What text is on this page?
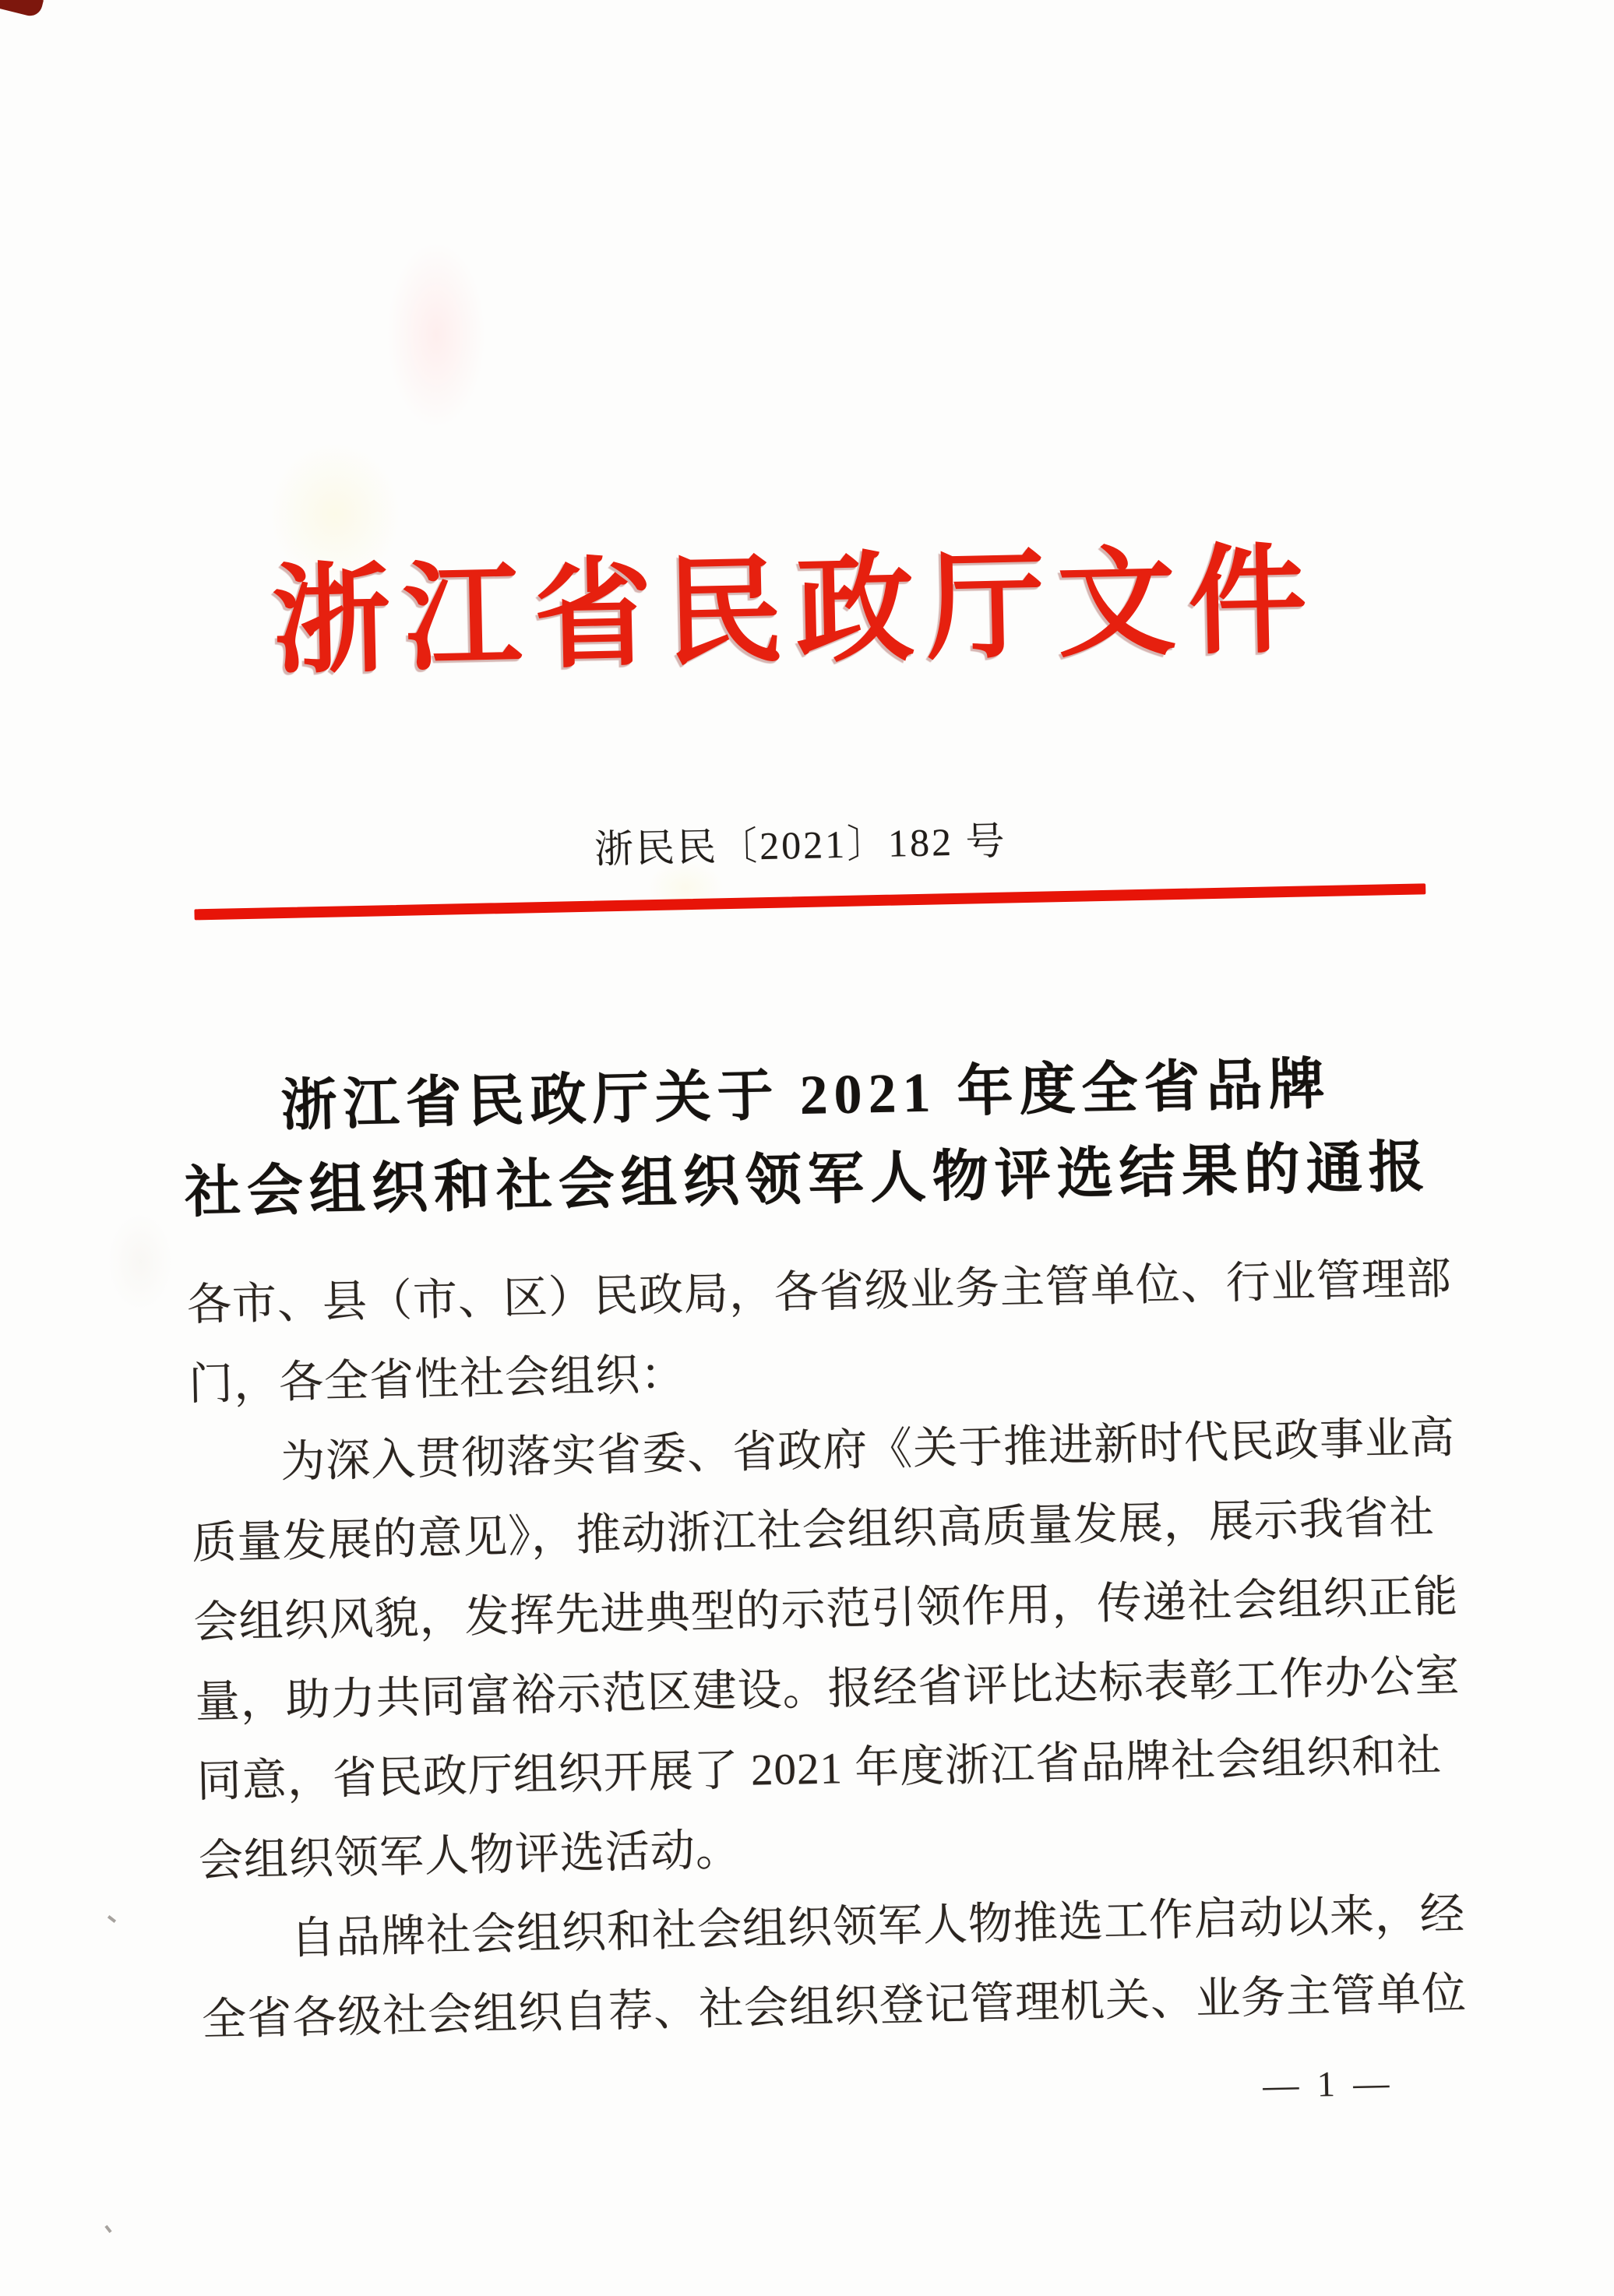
浙江省民政厅文件
浙民民〔2021〕182 号
浙江省民政厅关于 2021 年度全省品牌
社会组织和社会组织领军人物评选结果的通报
各市、县（市、区）民政局，各省级业务主管单位、行业管理部
门，各全省性社会组织：
为深入贯彻落实省委、省政府《关于推进新时代民政事业高
质量发展的意见》，推动浙江社会组织高质量发展，展示我省社
会组织风貌，发挥先进典型的示范引领作用，传递社会组织正能
量，助力共同富裕示范区建设。报经省评比达标表彰工作办公室
同意，省民政厅组织开展了 2021 年度浙江省品牌社会组织和社
会组织领军人物评选活动。
自品牌社会组织和社会组织领军人物推选工作启动以来，经
全省各级社会组织自荐、社会组织登记管理机关、业务主管单位
— 1 —
